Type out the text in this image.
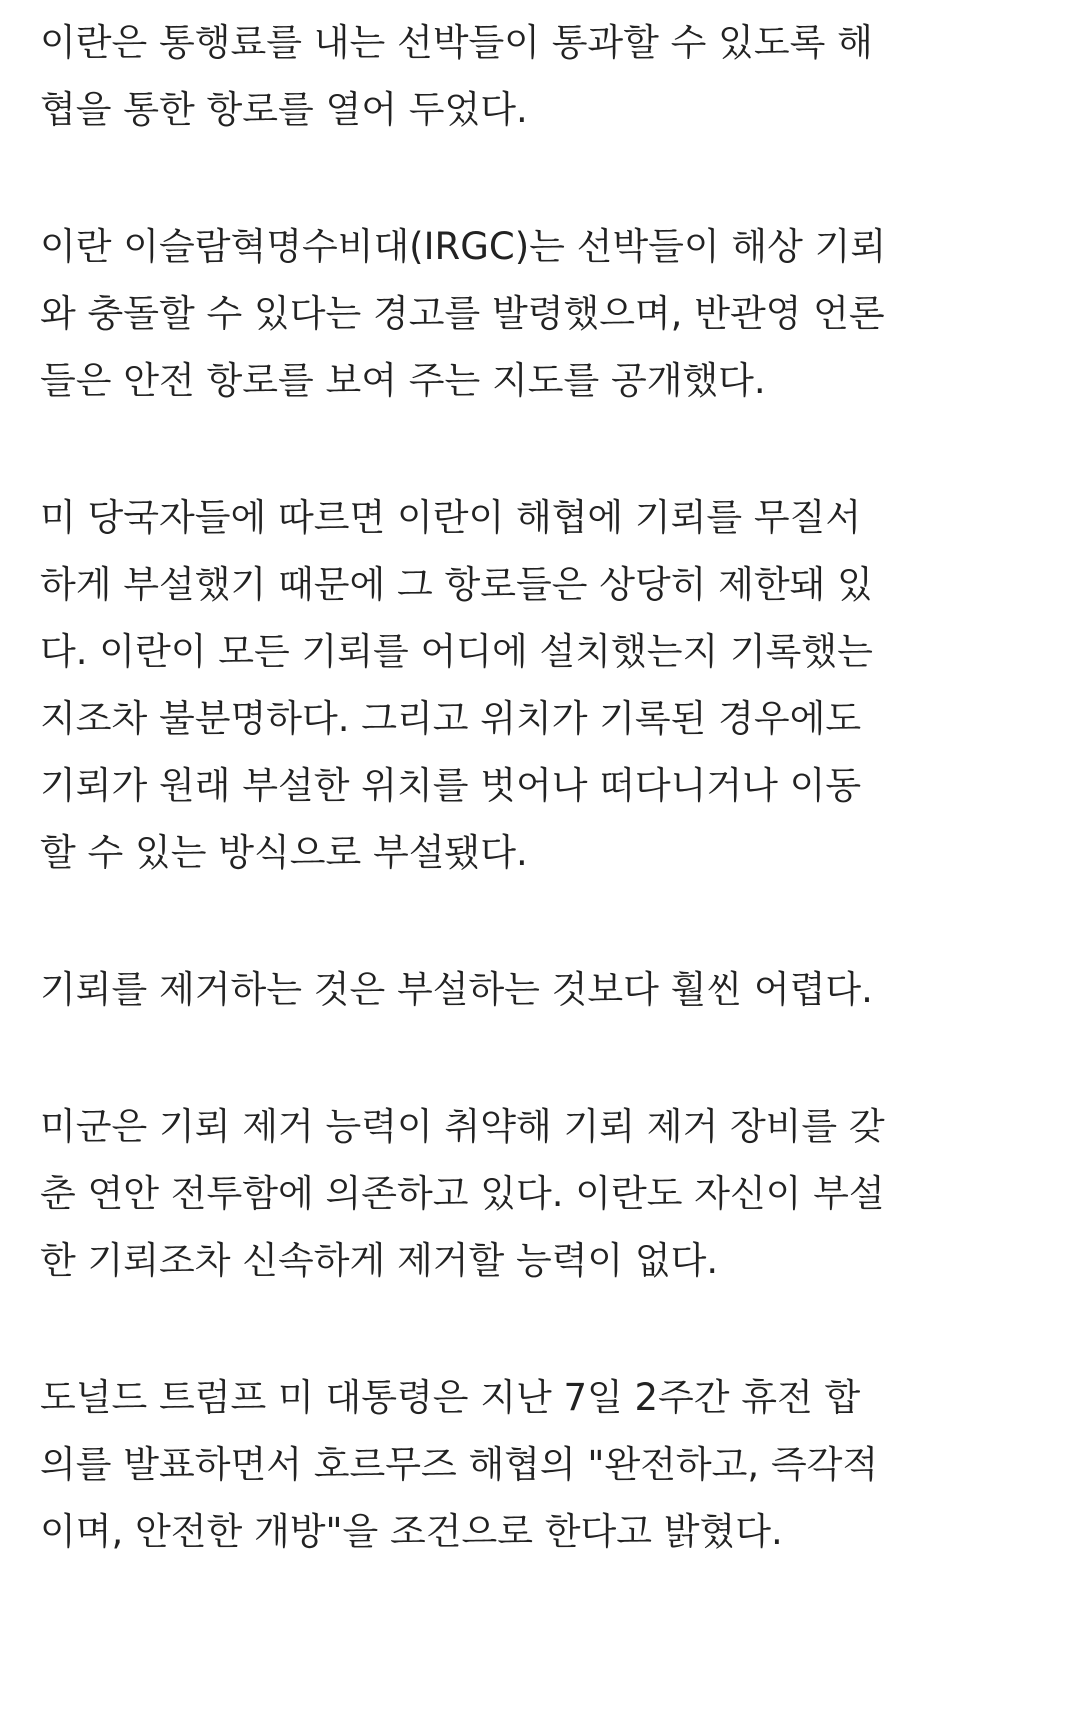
이란은 통행료를 내는 선박들이 통과할 수 있도록 해
협을 통한 항로를 열어 두었다.

이란 이슬람혁명수비대(IRGC)는 선박들이 해상 기뢰
와 충돌할 수 있다는 경고를 발령했으며, 반관영 언론
들은 안전 항로를 보여 주는 지도를 공개했다.

미 당국자들에 따르면 이란이 해협에 기뢰를 무질서
하게 부설했기 때문에 그 항로들은 상당히 제한돼 있
다. 이란이 모든 기뢰를 어디에 설치했는지 기록했는
지조차 불분명하다. 그리고 위치가 기록된 경우에도
기뢰가 원래 부설한 위치를 벗어나 떠다니거나 이동
할 수 있는 방식으로 부설됐다.

기뢰를 제거하는 것은 부설하는 것보다 훨씬 어렵다.

미군은 기뢰 제거 능력이 취약해 기뢰 제거 장비를 갖
춘 연안 전투함에 의존하고 있다. 이란도 자신이 부설
한 기뢰조차 신속하게 제거할 능력이 없다.

도널드 트럼프 미 대통령은 지난 7일 2주간 휴전 합
의를 발표하면서 호르무즈 해협의 "완전하고, 즉각적
이며, 안전한 개방"을 조건으로 한다고 밝혔다.
